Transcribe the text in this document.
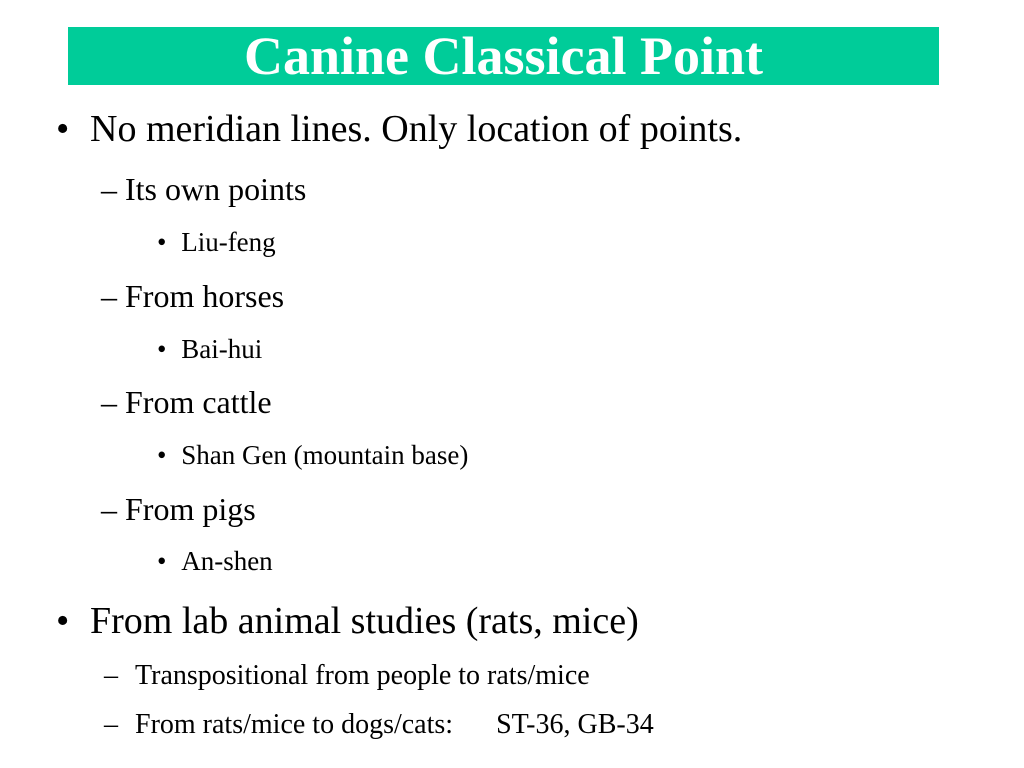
Canine Classical Point
• No meridian lines. Only location of points.
– Its own points
• Liu-feng
– From horses
• Bai-hui
– From cattle
• Shan Gen (mountain base)
– From pigs
• An-shen
• From lab animal studies (rats, mice)
– Transpositional from people to rats/mice
– From rats/mice to dogs/cats: ST-36, GB-34
